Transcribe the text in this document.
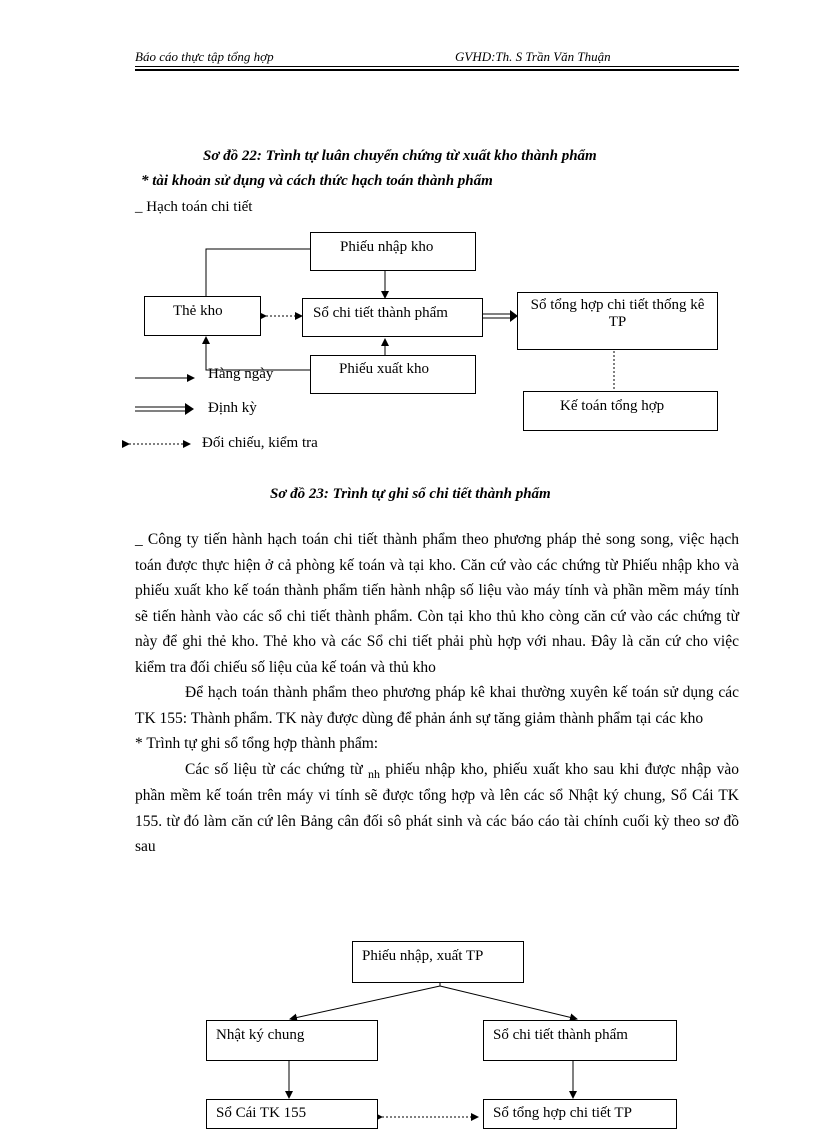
Báo cáo thực tập tổng hợp	GVHD:Th. S Trần Văn Thuận
Sơ đồ 22: Trình tự luân chuyển chứng từ xuất kho thành phẩm
* tài khoản sử dụng và cách thức hạch toán thành phẩm
_ Hạch toán chi tiết
Phiếu nhập kho
Thẻ kho	Sổ chi tiết thành phẩm	Sổ tổng hợp chi tiết thống kê TP
Phiếu xuất kho
Kế toán tổng hợp
Hàng ngày
Định kỳ
Đối chiếu, kiểm tra
Sơ đồ 23: Trình tự ghi sổ chi tiết thành phẩm

_ Công ty tiến hành hạch toán chi tiết thành phẩm theo phương pháp thẻ song song, việc hạch toán được thực hiện ở cả phòng kế toán và tại kho. Căn cứ vào các chứng từ Phiếu nhập kho và phiếu xuất kho kế toán thành phẩm tiến hành nhập số liệu vào máy tính và phần mềm máy tính sẽ tiến hành vào các sổ chi tiết thành phẩm. Còn tại kho thủ kho còng căn cứ vào các chứng từ này để ghi thẻ kho. Thẻ kho và các Sổ chi tiết phải phù hợp với nhau. Đây là căn cứ cho việc kiểm tra đối chiếu số liệu của kế toán và thủ kho

Để hạch toán thành phẩm theo phương pháp kê khai thường xuyên kế toán sử dụng các TK 155: Thành phẩm. TK này được dùng để phản ánh sự tăng giảm thành phẩm tại các kho

* Trình tự ghi sổ tổng hợp thành phẩm:

Các số liệu từ các chứng từ $_{nh}$ phiếu nhập kho, phiếu xuất kho sau khi được nhập vào phần mềm kế toán trên máy vi tính sẽ được tổng hợp và lên các sổ Nhật ký chung, Sổ Cái TK 155. từ đó làm căn cứ lên Bảng cân đối sô phát sinh và các báo cáo tài chính cuối kỳ theo sơ đồ sau

Phiếu nhập, xuất TP
Nhật ký chung	Sổ chi tiết thành phẩm
Sổ Cái TK 155	Sổ tổng hợp chi tiết TP
